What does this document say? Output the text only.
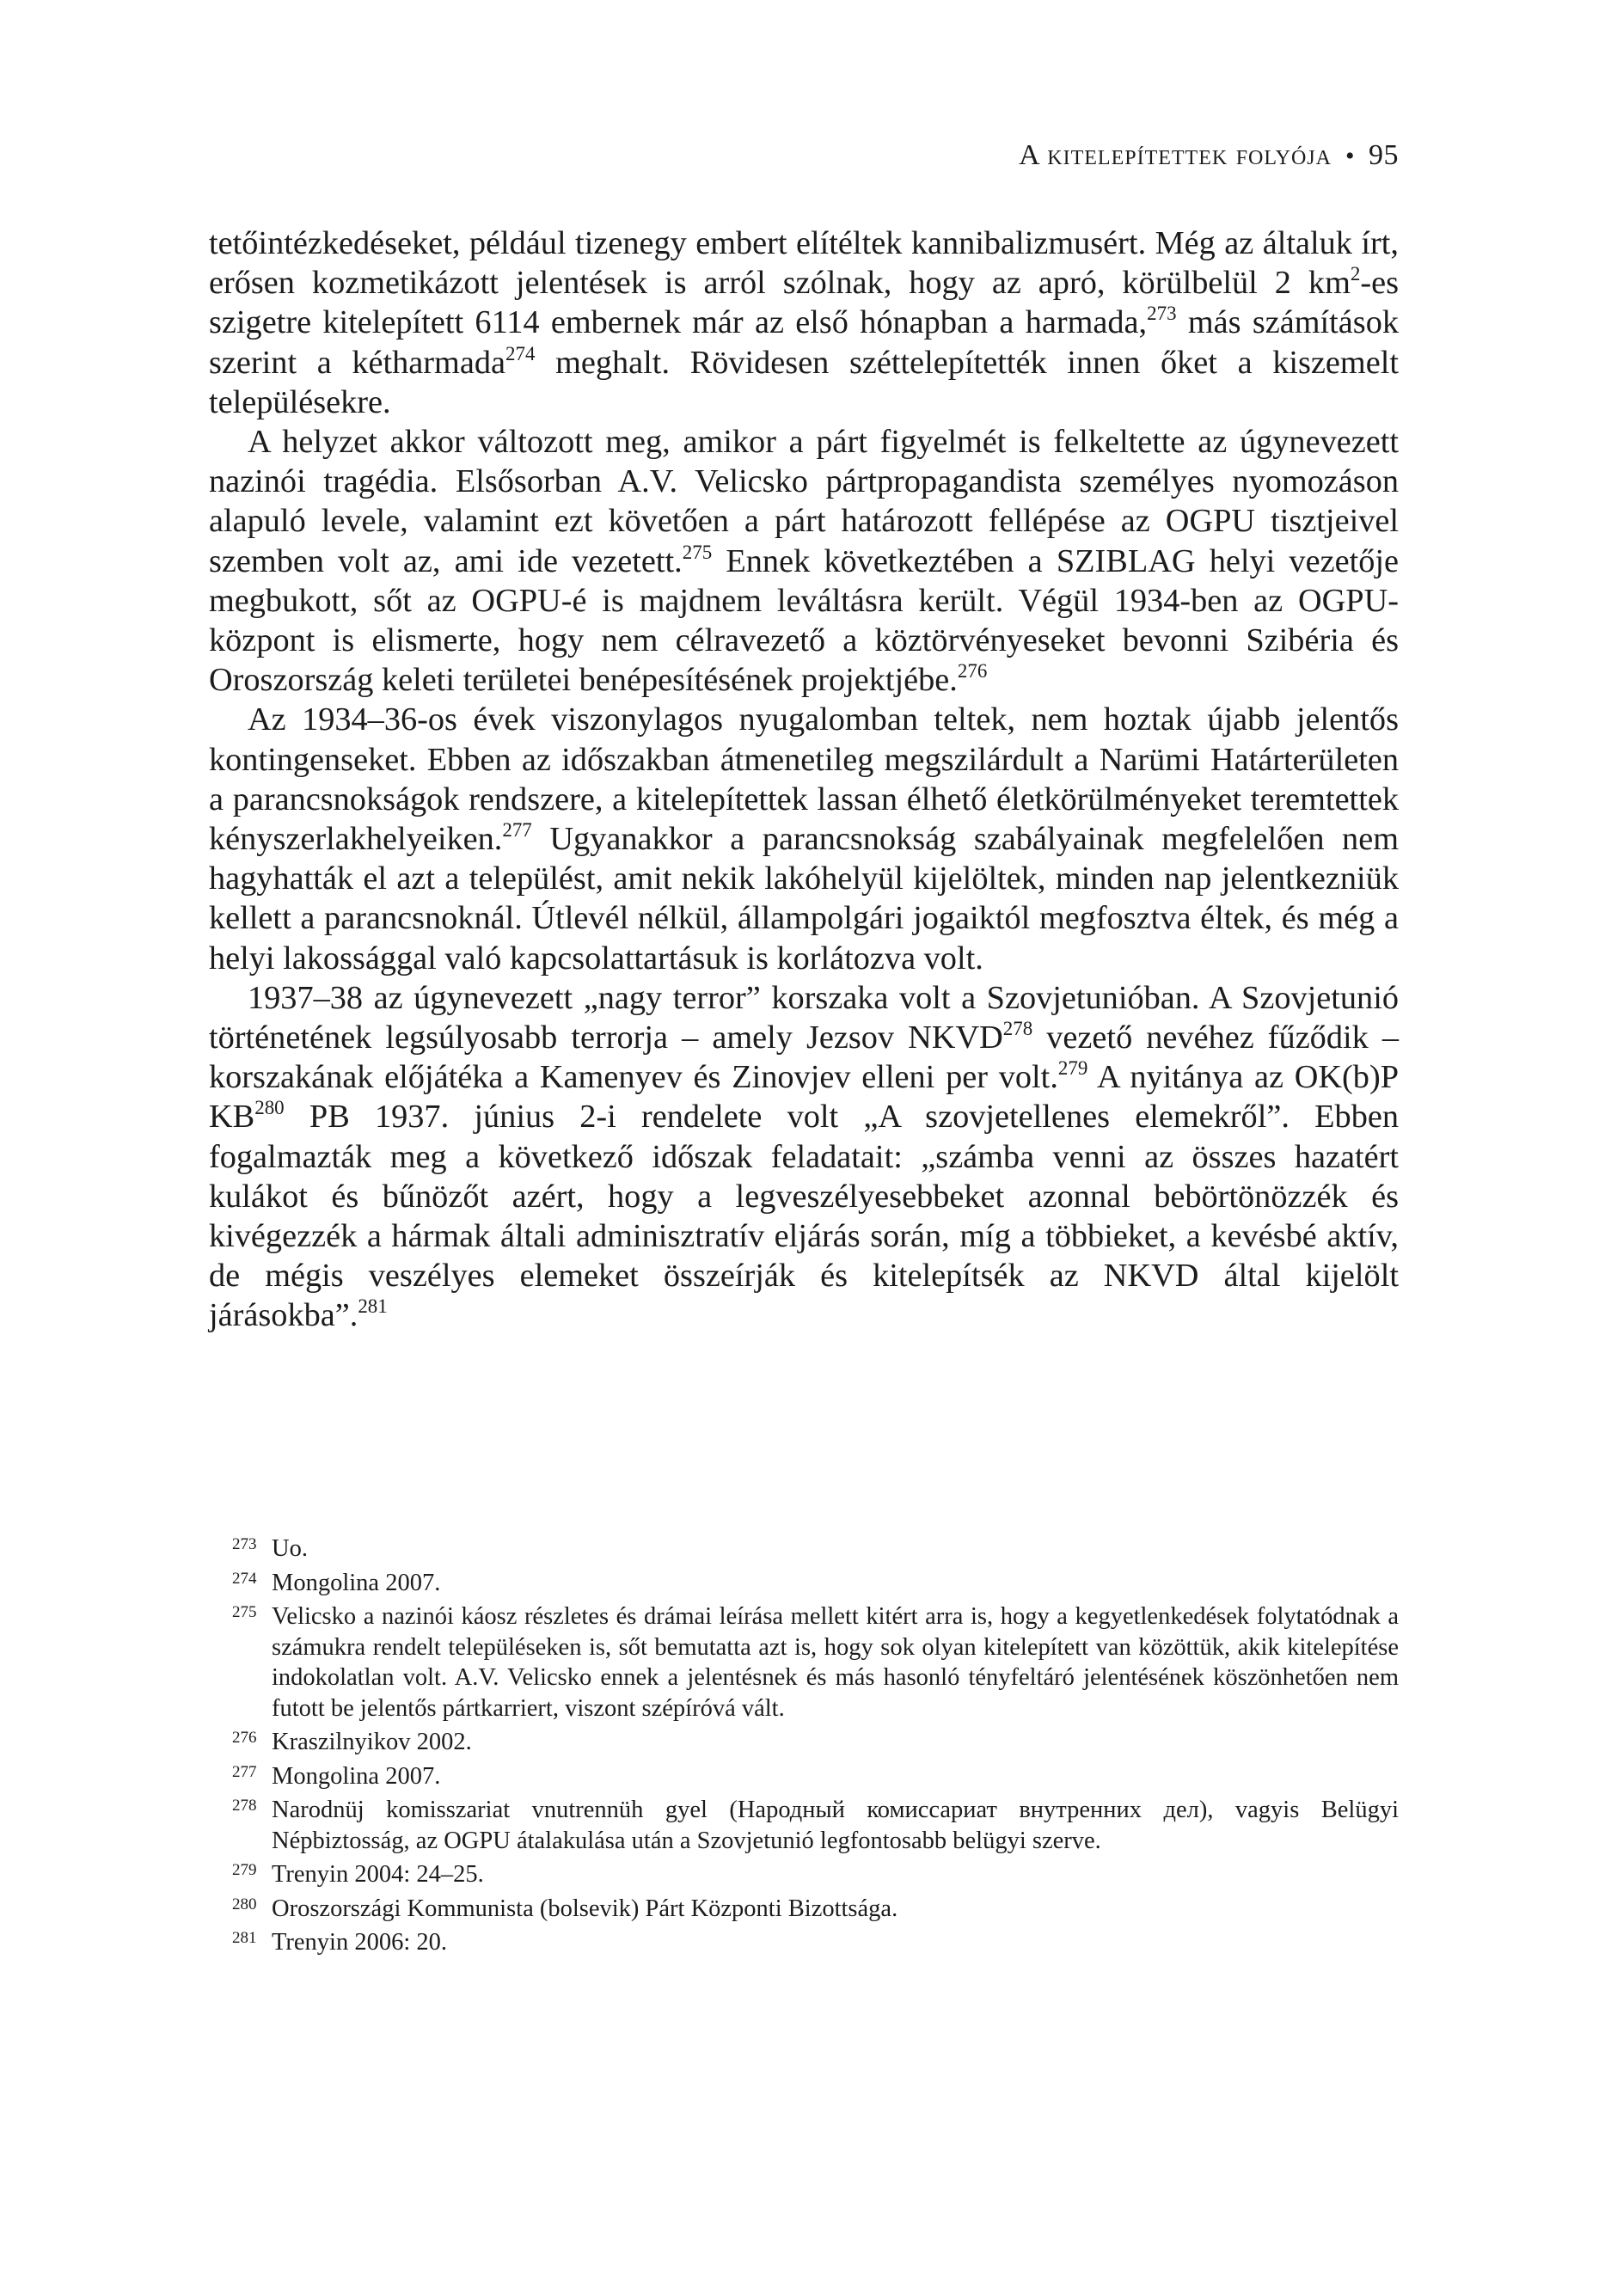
A kitelepítettek folyója • 95

tetőintézkedéseket, például tizenegy embert elítéltek kannibalizmusért. Még az általuk írt, erősen kozmetikázott jelentések is arról szólnak, hogy az apró, körülbelül 2 $km^2-es$ szigetre kitelepített 6114 embernek már az első hónapban a harmada,$^{273}$ más számítások szerint a kétharmada$^{274}$ meghalt. Rövidesen széttelepítették innen őket a kiszemelt településekre.

A helyzet akkor változott meg, amikor a párt figyelmét is felkeltette az úgynevezett nazinói tragédia. Elsősorban A.V. Velicsko pártpropagandista személyes nyomozáson alapuló levele, valamint ezt követően a párt határozott fellépése az OGPU tisztjeivel szemben volt az, ami ide vezetett.$^{275}$ Ennek következtében a SZIBLAG helyi vezetője megbukott, sőt az OGPU-é is majdnem leváltásra került. Végül 1934-ben az OGPU-központ is elismerte, hogy nem célravezető a köztörvényeseket bevonni Szibéria és Oroszország keleti területei benépesítésének projektjébe.$^{276}$

Az 1934–36-os évek viszonylagos nyugalomban teltek, nem hoztak újabb jelentős kontingenseket. Ebben az időszakban átmenetileg megszilárdult a Narümi Határterületen a parancsnokságok rendszere, a kitelepítettek lassan élhető életkörülményeket teremtettek kényszerlakhelyeiken.$^{277}$ Ugyanakkor a parancsnokság szabályainak megfelelően nem hagyhatták el azt a települést, amit nekik lakóhelyül kijelöltek, minden nap jelentkezniük kellett a parancsnoknál. Útlevél nélkül, állampolgári jogaiktól megfosztva éltek, és még a helyi lakossággal való kapcsolattartásuk is korlátozva volt.

1937–38 az úgynevezett „nagy terror” korszaka volt a Szovjetunióban. A Szovjetunió történetének legsúlyosabb terrorja – amely Jezsov NKVD$^{278}$ vezető nevéhez fűződik – korszakának előjátéka a Kamenyev és Zinovjev elleni per volt.$^{279}$ A nyitánya az OK(b)P KB$^{280}$ PB 1937. június 2-i rendelete volt „A szovjetellenes elemekről”. Ebben fogalmazták meg a következő időszak feladatait: „számba venni az összes hazatért kulákot és bűnözőt azért, hogy a legveszélyesebbeket azonnal bebörtönözzék és kivégezzék a hármak általi adminisztratív eljárás során, míg a többieket, a kevésbé aktív, de mégis veszélyes elemeket összeírják és kitelepítsék az NKVD által kijelölt járásokba”.$^{281}$

273 Uo.
274 Mongolina 2007.
275 Velicsko a nazinói káosz részletes és drámai leírása mellett kitért arra is, hogy a kegyetlenkedések folytatódnak a számukra rendelt településeken is, sőt bemutatta azt is, hogy sok olyan kitelepített van közöttük, akik kitelepítése indokolatlan volt. A.V. Velicsko ennek a jelentésnek és más hasonló tényfeltáró jelentésének köszönhetően nem futott be jelentős pártkarriert, viszont szépíróvá vált.
276 Kraszilnyikov 2002.
277 Mongolina 2007.
278 Narodnüj komisszariat vnutrennüh gyel (Народный комиссариат внутренних дел), vagyis Belügyi Népbiztosság, az OGPU átalakulása után a Szovjetunió legfontosabb belügyi szerve.
279 Trenyin 2004: 24–25.
280 Oroszországi Kommunista (bolsevik) Párt Központi Bizottsága.
281 Trenyin 2006: 20.
